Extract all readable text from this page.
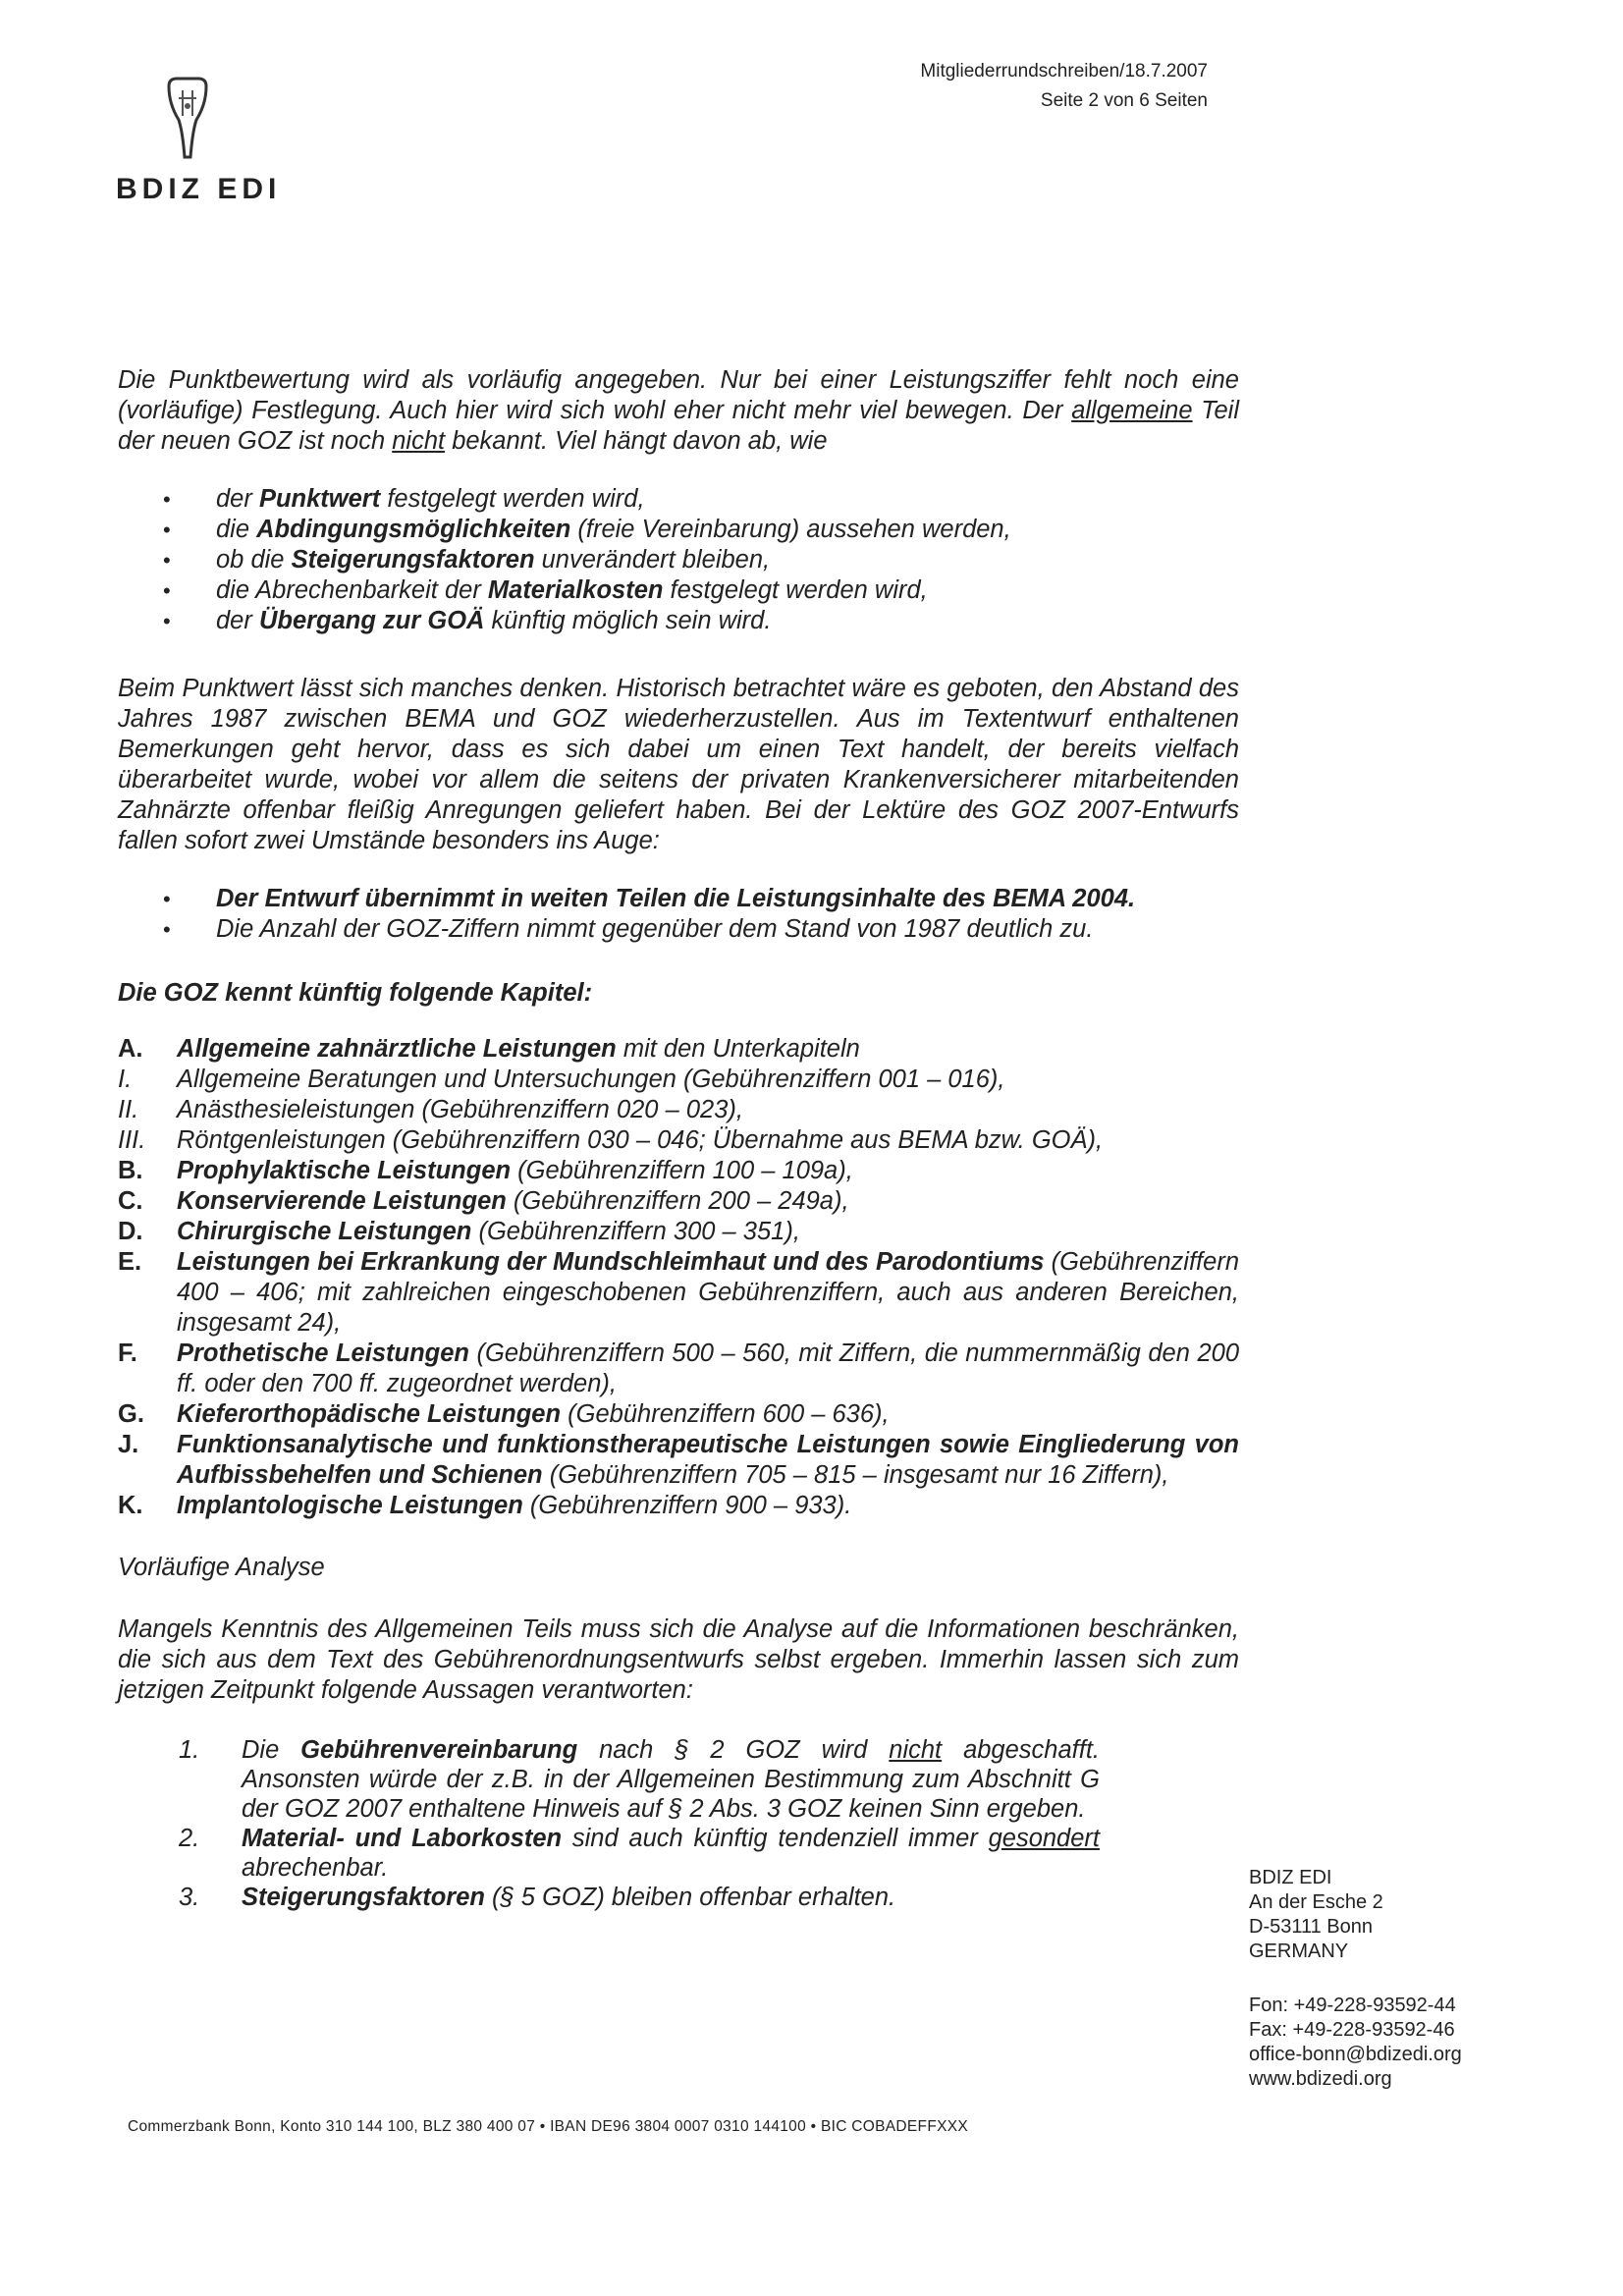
BDIZ EDI
Mitgliederrundschreiben/18.7.2007
Seite 2 von 6 Seiten

Die Punktbewertung wird als vorläufig angegeben. Nur bei einer Leistungsziffer fehlt noch eine (vorläufige) Festlegung. Auch hier wird sich wohl eher nicht mehr viel bewegen. Der allgemeine Teil der neuen GOZ ist noch nicht bekannt. Viel hängt davon ab, wie

• der Punktwert festgelegt werden wird,
• die Abdingungsmöglichkeiten (freie Vereinbarung) aussehen werden,
• ob die Steigerungsfaktoren unverändert bleiben,
• die Abrechenbarkeit der Materialkosten festgelegt werden wird,
• der Übergang zur GOÄ künftig möglich sein wird.

Beim Punktwert lässt sich manches denken. Historisch betrachtet wäre es geboten, den Abstand des Jahres 1987 zwischen BEMA und GOZ wiederherzustellen. Aus im Textentwurf enthaltenen Bemerkungen geht hervor, dass es sich dabei um einen Text handelt, der bereits vielfach überarbeitet wurde, wobei vor allem die seitens der privaten Krankenversicherer mitarbeitenden Zahnärzte offenbar fleißig Anregungen geliefert haben. Bei der Lektüre des GOZ 2007-Entwurfs fallen sofort zwei Umstände besonders ins Auge:

• Der Entwurf übernimmt in weiten Teilen die Leistungsinhalte des BEMA 2004.
• Die Anzahl der GOZ-Ziffern nimmt gegenüber dem Stand von 1987 deutlich zu.

Die GOZ kennt künftig folgende Kapitel:

A.	Allgemeine zahnärztliche Leistungen mit den Unterkapiteln
I.	Allgemeine Beratungen und Untersuchungen (Gebührenziffern 001 – 016),
II.	Anästhesieleistungen (Gebührenziffern 020 – 023),
III.	Röntgenleistungen (Gebührenziffern 030 – 046; Übernahme aus BEMA bzw. GOÄ),
B.	Prophylaktische Leistungen (Gebührenziffern 100 – 109a),
C.	Konservierende Leistungen (Gebührenziffern 200 – 249a),
D.	Chirurgische Leistungen (Gebührenziffern 300 – 351),
E.	Leistungen bei Erkrankung der Mundschleimhaut und des Parodontiums (Gebührenziffern 400 – 406; mit zahlreichen eingeschobenen Gebührenziffern, auch aus anderen Bereichen, insgesamt 24),
F.	Prothetische Leistungen (Gebührenziffern 500 – 560, mit Ziffern, die nummernmäßig den 200 ff. oder den 700 ff. zugeordnet werden),
G.	Kieferorthopädische Leistungen (Gebührenziffern 600 – 636),
J.	Funktionsanalytische und funktionstherapeutische Leistungen sowie Eingliederung von Aufbissbehelfen und Schienen (Gebührenziffern 705 – 815 – insgesamt nur 16 Ziffern),
K.	Implantologische Leistungen (Gebührenziffern 900 – 933).

Vorläufige Analyse

Mangels Kenntnis des Allgemeinen Teils muss sich die Analyse auf die Informationen beschränken, die sich aus dem Text des Gebührenordnungsentwurfs selbst ergeben. Immerhin lassen sich zum jetzigen Zeitpunkt folgende Aussagen verantworten:

1.	Die Gebührenvereinbarung nach § 2 GOZ wird nicht abgeschafft. Ansonsten würde der z.B. in der Allgemeinen Bestimmung zum Abschnitt G der GOZ 2007 enthaltene Hinweis auf § 2 Abs. 3 GOZ keinen Sinn ergeben.
2.	Material- und Laborkosten sind auch künftig tendenziell immer gesondert abrechenbar.
3.	Steigerungsfaktoren (§ 5 GOZ) bleiben offenbar erhalten.
BDIZ EDI
An der Esche 2
D-53111 Bonn
GERMANY
Fon: +49-228-93592-44
Fax: +49-228-93592-46
office-bonn@bdizedi.org
www.bdizedi.org
Commerzbank Bonn, Konto 310 144 100, BLZ 380 400 07 • IBAN DE96 3804 0007 0310 144100 • BIC COBADEFFXXX
